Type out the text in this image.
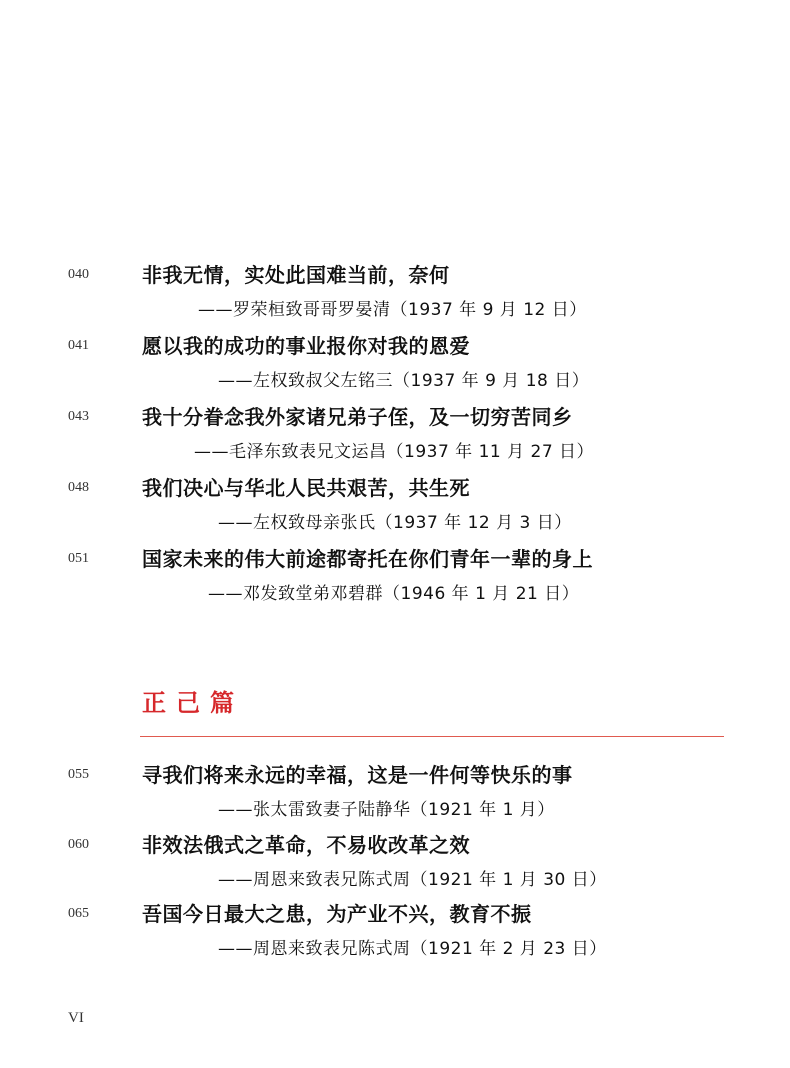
040	非我无情，实处此国难当前，奈何
——罗荣桓致哥哥罗晏清（1937 年 9 月 12 日）
041	愿以我的成功的事业报你对我的恩爱
——左权致叔父左铭三（1937 年 9 月 18 日）
043	我十分眷念我外家诸兄弟子侄，及一切穷苦同乡
——毛泽东致表兄文运昌（1937 年 11 月 27 日）
048	我们决心与华北人民共艰苦，共生死
——左权致母亲张氏（1937 年 12 月 3 日）
051	国家未来的伟大前途都寄托在你们青年一辈的身上
——邓发致堂弟邓碧群（1946 年 1 月 21 日）
正己篇
055	寻我们将来永远的幸福，这是一件何等快乐的事
——张太雷致妻子陆静华（1921 年 1 月）
060	非效法俄式之革命，不易收改革之效
——周恩来致表兄陈式周（1921 年 1 月 30 日）
065	吾国今日最大之患，为产业不兴，教育不振
——周恩来致表兄陈式周（1921 年 2 月 23 日）
VI
